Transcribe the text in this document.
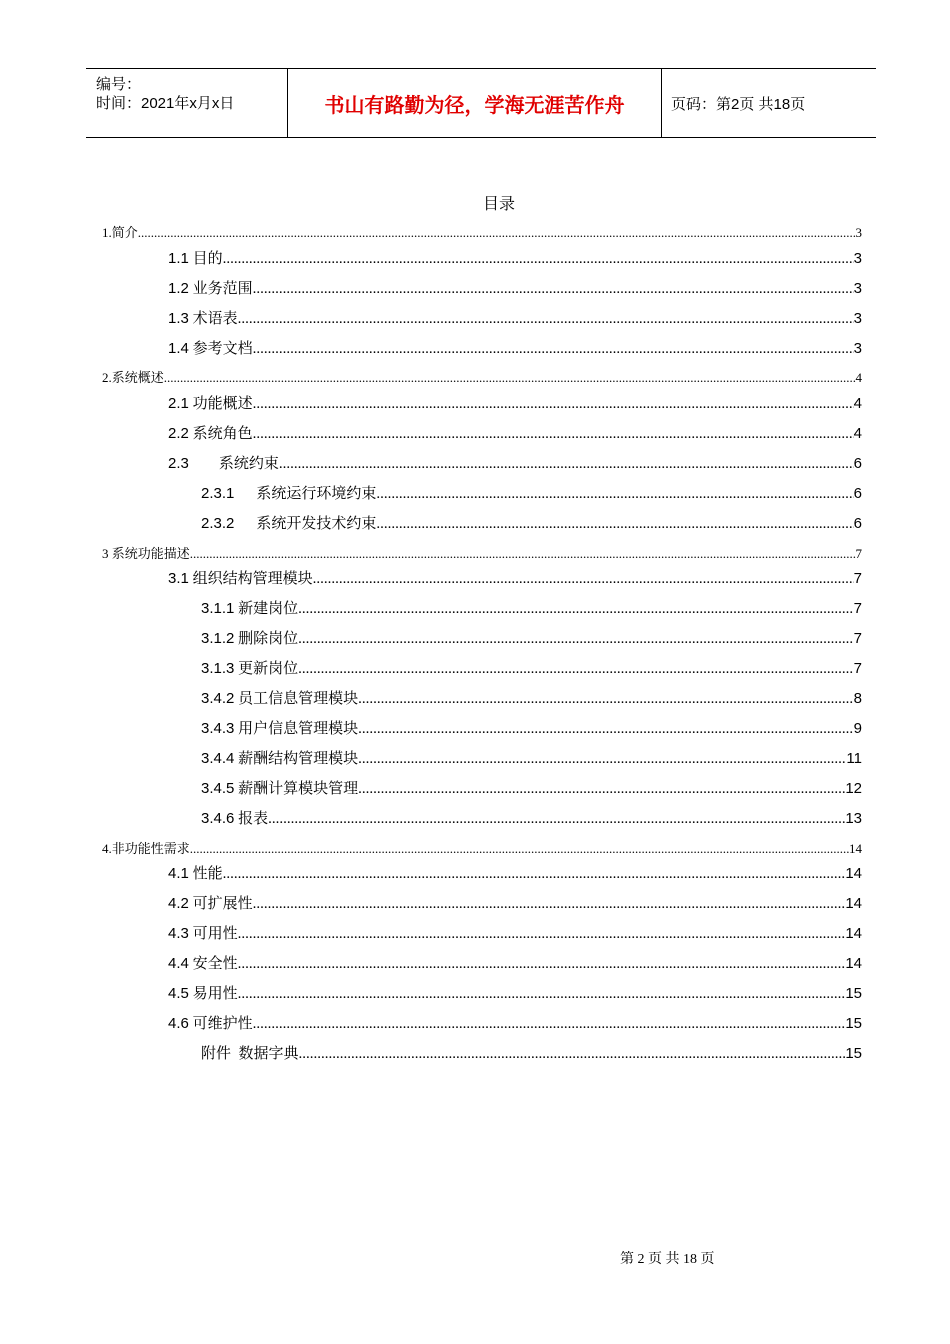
编号：
时间：2021年x月x日	书山有路勤为径，学海无涯苦作舟	页码：第2页 共18页
目录
1. 简介 .....	3
1.1
目的 .....	3
1.2
业务范围 .....	3
1.3
术语表 .....	3
1.4
参考文档 .....	3
2. 系统概述 .....	4
2.1
功能概述 .....	4
2.2
系统角色 .....	4
2.3 系统约束 .....	6
2.3.1 系统运行环境约束 .....	6
2.3.2 系统开发技术约束 .....	6
3
系统功能描述 .....	7
3.1
组织结构管理模块 .....	7
3.1.1
新建岗位 .....	7
3.1.2
删除岗位 .....	7
3.1.3
更新岗位 .....	7
3.4.2
员工信息管理模块 .....	8
3.4.3
用户信息管理模块 .....	9
3.4.4
薪酬结构管理模块 .....	11
3.4.5
薪酬计算模块管理 .....	12
3.4.6
报表 .....	13
4. 非功能性需求 .....	14
4.1
性能 .....	14
4.2
可扩展性 .....	14
4.3
可用性 .....	14
4.4
安全性 .....	14
4.5
易用性 .....	15
4.6
可维护性 .....	15
附件
数据字典 .....	15
第 2 页 共 18 页
